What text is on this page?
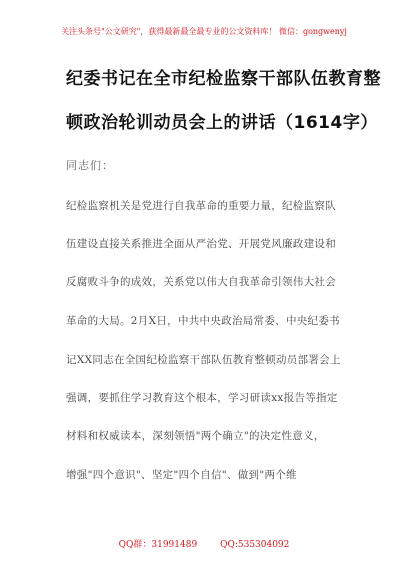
关注头条号"公文研究"，获得最新最全最专业的公文资料库！ 微信：gongwenyj
纪委书记在全市纪检监察干部队伍教育整
顿政治轮训动员会上的讲话（1614字）
同志们：
纪检监察机关是党进行自我革命的重要力量，纪检监察队
伍建设直接关系推进全面从严治党、开展党风廉政建设和
反腐败斗争的成效，关系党以伟大自我革命引领伟大社会
革命的大局。2月X日，中共中央政治局常委、中央纪委书
记XX同志在全国纪检监察干部队伍教育整顿动员部署会上
强调，要抓住学习教育这个根本，学习研读xx报告等指定
材料和权威读本，深刻领悟"两个确立"的决定性意义，
增强"四个意识"、坚定"四个自信"、做到"两个维
QQ群：31991489	QQ:535304092
